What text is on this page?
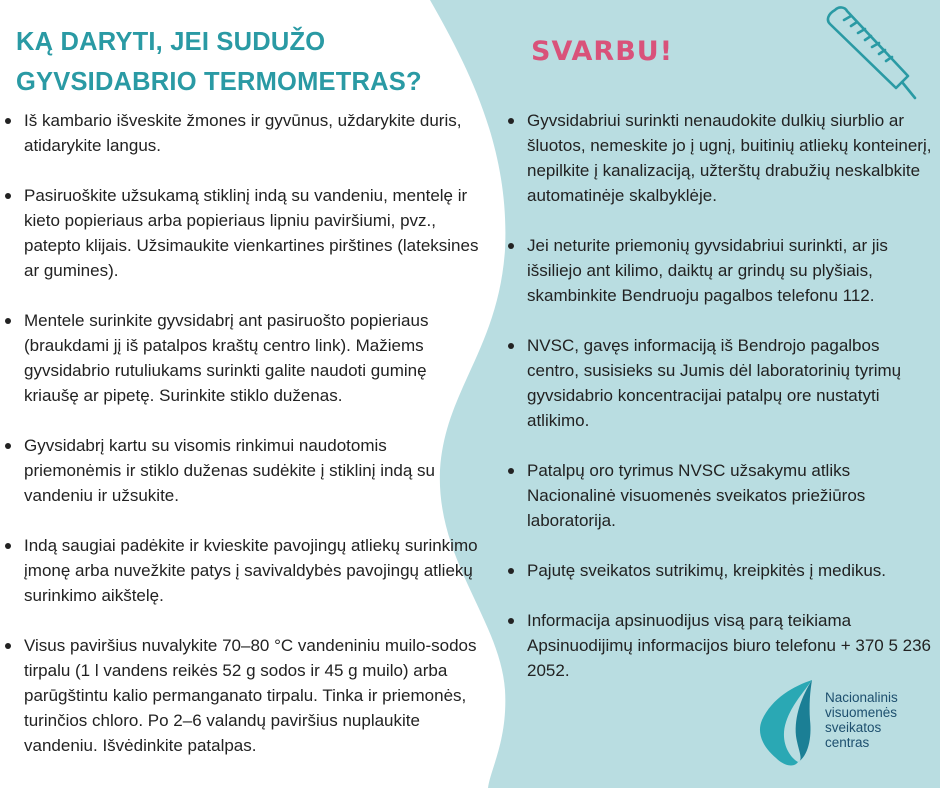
KĄ DARYTI, JEI SUDUŽO
GYVSIDABRIO TERMOMETRAS?
SVARBU!
Iš kambario išveskite žmones ir gyvūnus, uždarykite duris, atidarykite langus.
Pasiruoškite užsukamą stiklinį indą su vandeniu, mentelę ir kieto popieriaus arba popieriaus lipniu paviršiumi, pvz., patepto klijais. Užsimaukite vienkartines pirštines (lateksines ar gumines).
Mentele surinkite gyvsidabrį ant pasiruošto popieriaus (braukdami jį iš patalpos kraštų centro link). Mažiems gyvsidabrio rutuliukams surinkti galite naudoti guminę kriaušę ar pipetę. Surinkite stiklo duženas.
Gyvsidabrį kartu su visomis rinkimui naudotomis priemonėmis ir stiklo duženas sudėkite į stiklinį indą su vandeniu ir užsukite.
Indą saugiai padėkite ir kvieskite pavojingų atliekų surinkimo įmonę arba nuvežkite patys į savivaldybės pavojingų atliekų surinkimo aikštelę.
Visus paviršius nuvalykite 70–80 °C vandeniniu muilo-sodos tirpalu (1 l vandens reikės 52 g sodos ir 45 g muilo) arba parūgštintu kalio permanganato tirpalu. Tinka ir priemonės, turinčios chloro. Po 2–6 valandų paviršius nuplaukite vandeniu. Išvėdinkite patalpas.
Gyvsidabriui surinkti nenaudokite dulkių siurblio ar šluotos, nemeskite jo į ugnį, buitinių atliekų konteinerį, nepilkite į kanalizaciją, užterštų drabužių neskalbkite automatinėje skalbyklėje.
Jei neturite priemonių gyvsidabriui surinkti, ar jis išsiliejo ant kilimo, daiktų ar grindų su plyšiais, skambinkite Bendruoju pagalbos telefonu 112.
NVSC, gavęs informaciją iš Bendrojo pagalbos centro, susisieks su Jumis dėl laboratorinių tyrimų gyvsidabrio koncentracijai patalpų ore nustatyti atlikimo.
Patalpų oro tyrimus NVSC užsakymu atliks Nacionalinė visuomenės sveikatos priežiūros laboratorija.
Pajutę sveikatos sutrikimų, kreipkitės į medikus.
Informacija apsinuodijus visą parą teikiama Apsinuodijimų informacijos biuro telefonu + 370 5 236 2052.
Nacionalinis
visuomenės
sveikatos
centras
